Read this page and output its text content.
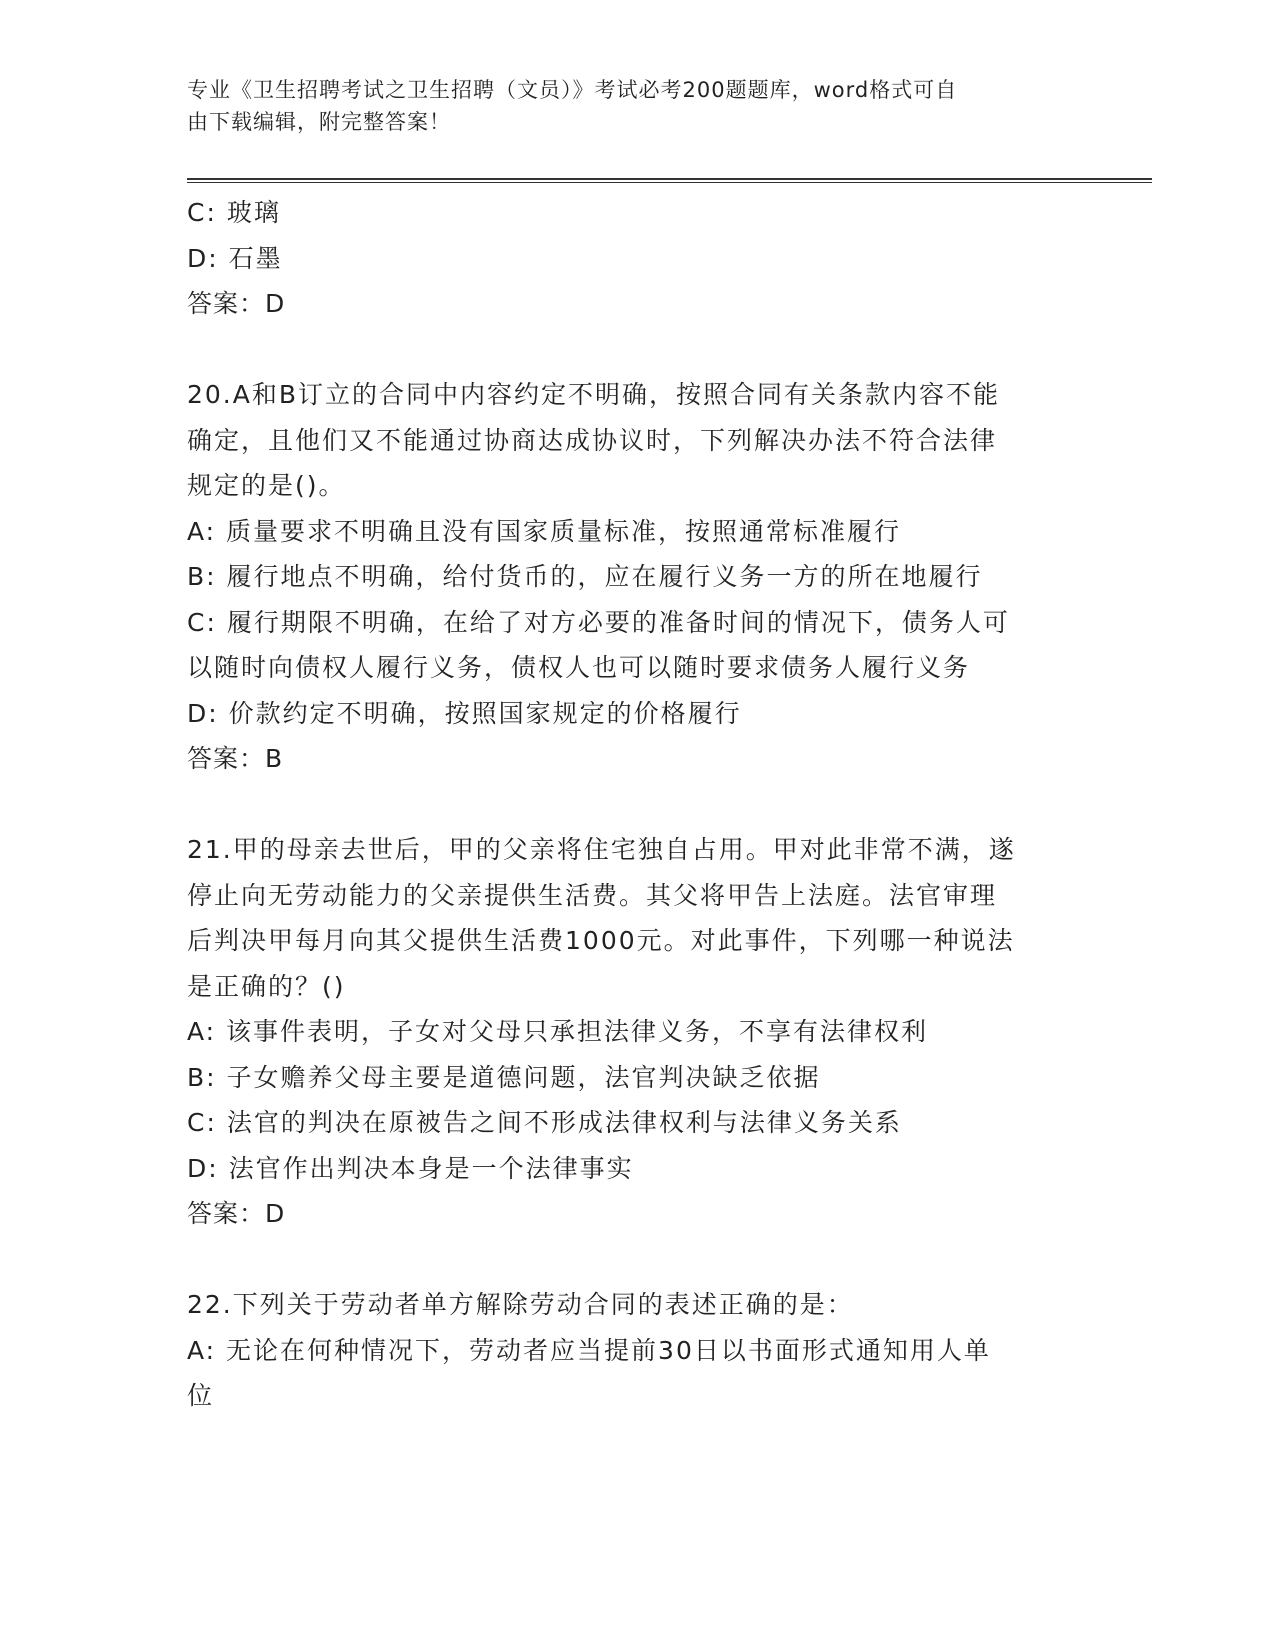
专业《卫生招聘考试之卫生招聘（文员）》考试必考200题题库，word格式可自
由下载编辑，附完整答案！
C: 玻璃
D: 石墨
答案：D
20.A和B订立的合同中内容约定不明确，按照合同有关条款内容不能
确定，且他们又不能通过协商达成协议时，下列解决办法不符合法律
规定的是()。
A: 质量要求不明确且没有国家质量标准，按照通常标准履行
B: 履行地点不明确，给付货币的，应在履行义务一方的所在地履行
C: 履行期限不明确，在给了对方必要的准备时间的情况下，债务人可
以随时向债权人履行义务，债权人也可以随时要求债务人履行义务
D: 价款约定不明确，按照国家规定的价格履行
答案：B
21.甲的母亲去世后，甲的父亲将住宅独自占用。甲对此非常不满，遂
停止向无劳动能力的父亲提供生活费。其父将甲告上法庭。法官审理
后判决甲每月向其父提供生活费1000元。对此事件，下列哪一种说法
是正确的？()
A: 该事件表明，子女对父母只承担法律义务，不享有法律权利
B: 子女赡养父母主要是道德问题，法官判决缺乏依据
C: 法官的判决在原被告之间不形成法律权利与法律义务关系
D: 法官作出判决本身是一个法律事实
答案：D
22.下列关于劳动者单方解除劳动合同的表述正确的是：
A: 无论在何种情况下，劳动者应当提前30日以书面形式通知用人单
位
